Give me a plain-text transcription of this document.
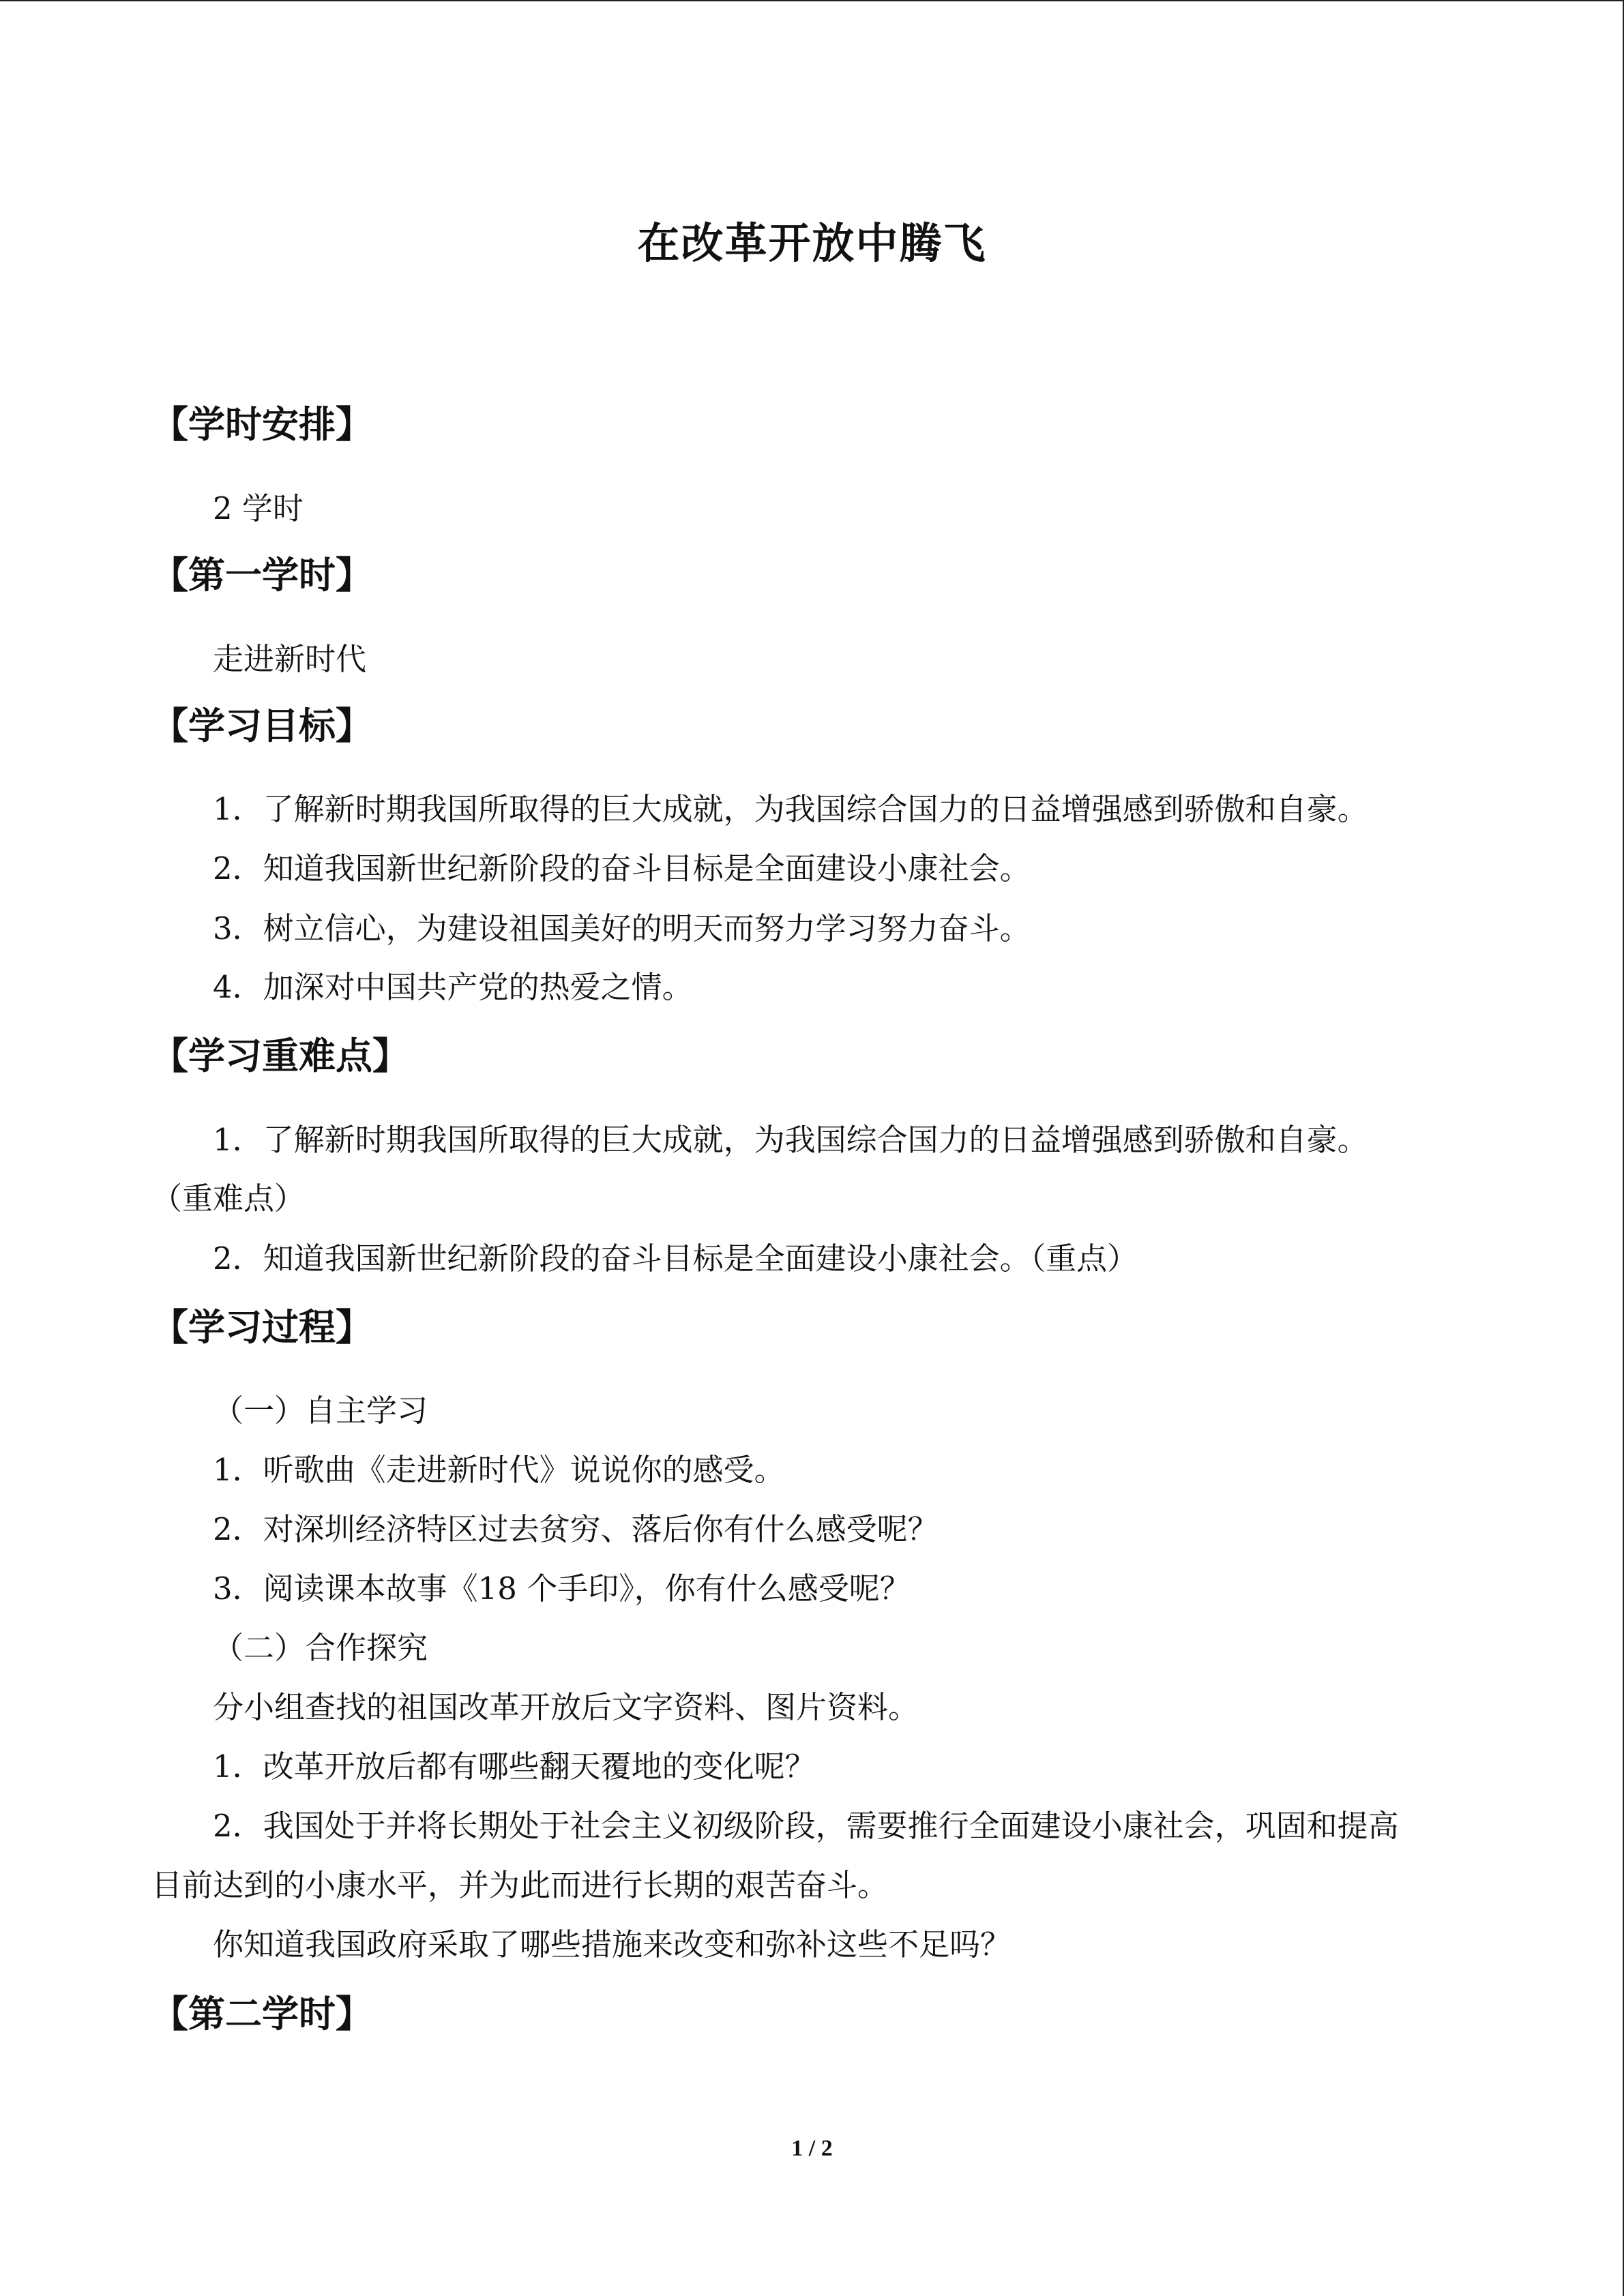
在改革开放中腾飞
【学时安排】
2 学时
【第一学时】
走进新时代
【学习目标】
1．了解新时期我国所取得的巨大成就，为我国综合国力的日益增强感到骄傲和自豪。
2．知道我国新世纪新阶段的奋斗目标是全面建设小康社会。
3．树立信心，为建设祖国美好的明天而努力学习努力奋斗。
4．加深对中国共产党的热爱之情。
【学习重难点】
1．了解新时期我国所取得的巨大成就，为我国综合国力的日益增强感到骄傲和自豪。
（重难点）
2．知道我国新世纪新阶段的奋斗目标是全面建设小康社会。（重点）
【学习过程】
（一）自主学习
1．听歌曲《走进新时代》说说你的感受。
2．对深圳经济特区过去贫穷、落后你有什么感受呢？
3．阅读课本故事《18 个手印》，你有什么感受呢？
（二）合作探究
分小组查找的祖国改革开放后文字资料、图片资料。
1．改革开放后都有哪些翻天覆地的变化呢？
2．我国处于并将长期处于社会主义初级阶段，需要推行全面建设小康社会，巩固和提高
目前达到的小康水平，并为此而进行长期的艰苦奋斗。
你知道我国政府采取了哪些措施来改变和弥补这些不足吗？
【第二学时】
1 / 2
